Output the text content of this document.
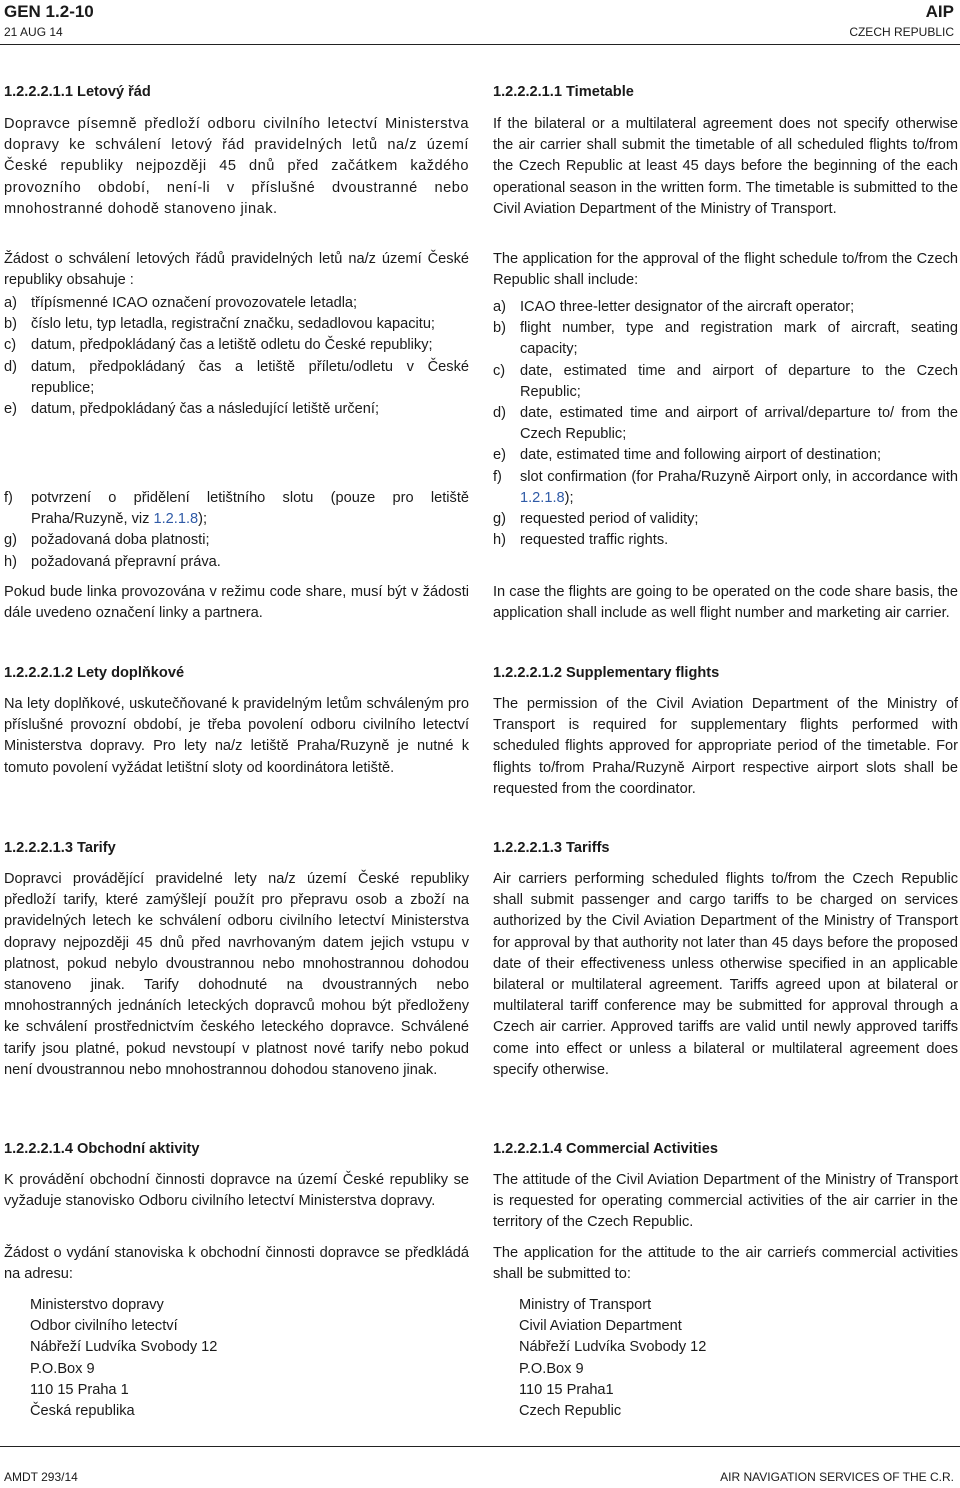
GEN 1.2-10
21 AUG 14
AIP
CZECH REPUBLIC
1.2.2.2.1.1 Letový řád

Dopravce písemně předloží odboru civilního letectví Ministerstva dopravy ke schválení letový řád pravidelných letů na/z území České republiky nejpozději 45 dnů před začátkem každého provozního období, není-li v příslušné dvoustranné nebo mnohostranné dohodě stanoveno jinak.

Žádost o schválení letových řádů pravidelných letů na/z území České republiky obsahuje :

a) třípísmenné ICAO označení provozovatele letadla;
b) číslo letu, typ letadla, registrační značku, sedadlovou kapacitu;
c) datum, předpokládaný čas a letiště odletu do České republiky;
d) datum, předpokládaný čas a letiště příletu/odletu v České republice;
e) datum, předpokládaný čas a následující letiště určení;
f) potvrzení o přidělení letištního slotu (pouze pro letiště Praha/Ruzyně, viz 1.2.1.8);
g) požadovaná doba platnosti;
h) požadovaná přepravní práva.

Pokud bude linka provozována v režimu code share, musí být v žádosti dále uvedeno označení linky a partnera.

1.2.2.2.1.2 Lety doplňkové

Na lety doplňkové, uskutečňované k pravidelným letům schváleným pro příslušné provozní období, je třeba povolení odboru civilního letectví Ministerstva dopravy. Pro lety na/z letiště Praha/Ruzyně je nutné k tomuto povolení vyžádat letištní sloty od koordinátora letiště.

1.2.2.2.1.3 Tarify

Dopravci provádějící pravidelné lety na/z území České republiky předloží tarify, které zamýšlejí použít pro přepravu osob a zboží na pravidelných letech ke schválení odboru civilního letectví Ministerstva dopravy nejpozději 45 dnů před navrhovaným datem jejich vstupu v platnost, pokud nebylo dvoustrannou nebo mnohostrannou dohodou stanoveno jinak. Tarify dohodnuté na dvoustranných nebo mnohostranných jednáních leteckých dopravců mohou být předloženy ke schválení prostřednictvím českého leteckého dopravce. Schválené tarify jsou platné, pokud nevstoupí v platnost nové tarify nebo pokud není dvoustrannou nebo mnohostrannou dohodou stanoveno jinak.

1.2.2.2.1.4 Obchodní aktivity

K provádění obchodní činnosti dopravce na území České republiky se vyžaduje stanovisko Odboru civilního letectví Ministerstva dopravy.

Žádost o vydání stanoviska k obchodní činnosti dopravce se předkládá na adresu:

Ministerstvo dopravy
Odbor civilního letectví
Nábřeží Ludvíka Svobody 12
P.O.Box 9
110 15 Praha 1
Česká republika
1.2.2.2.1.1 Timetable

If the bilateral or a multilateral agreement does not specify otherwise the air carrier shall submit the timetable of all scheduled flights to/from the Czech Republic at least 45 days before the beginning of the each operational season in the written form. The timetable is submitted to the Civil Aviation Department of the Ministry of Transport.

The application for the approval of the flight schedule to/from the Czech Republic shall include:

a) ICAO three-letter designator of the aircraft operator;
b) flight number, type and registration mark of aircraft, seating capacity;
c) date, estimated time and airport of departure to the Czech Republic;
d) date, estimated time and airport of arrival/departure to/ from the Czech Republic;
e) date, estimated time and following airport of destination;
f) slot confirmation (for Praha/Ruzyně Airport only, in accordance with 1.2.1.8);
g) requested period of validity;
h) requested traffic rights.

In case the flights are going to be operated on the code share basis, the application shall include as well flight number and marketing air carrier.

1.2.2.2.1.2 Supplementary flights

The permission of the Civil Aviation Department of the Ministry of Transport is required for supplementary flights performed with scheduled flights approved for appropriate period of the timetable. For flights to/from Praha/Ruzyně Airport respective airport slots shall be requested from the coordinator.

1.2.2.2.1.3 Tariffs

Air carriers performing scheduled flights to/from the Czech Republic shall submit passenger and cargo tariffs to be charged on services authorized by the Civil Aviation Department of the Ministry of Transport for approval by that authority not later than 45 days before the proposed date of their effectiveness unless otherwise specified in an applicable bilateral or multilateral agreement. Tariffs agreed upon at bilateral or multilateral tariff conference may be submitted for approval through a Czech air carrier. Approved tariffs are valid until newly approved tariffs come into effect or unless a bilateral or multilateral agreement does specify otherwise.

1.2.2.2.1.4 Commercial Activities

The attitude of the Civil Aviation Department of the Ministry of Transport is requested for operating commercial activities of the air carrier in the territory of the Czech Republic.

The application for the attitude to the air carrieŕs commercial activities shall be submitted to:

Ministry of Transport
Civil Aviation Department
Nábřeží Ludvíka Svobody 12
P.O.Box 9
110 15 Praha1
Czech Republic
AMDT 293/14	AIR NAVIGATION SERVICES OF THE C.R.
